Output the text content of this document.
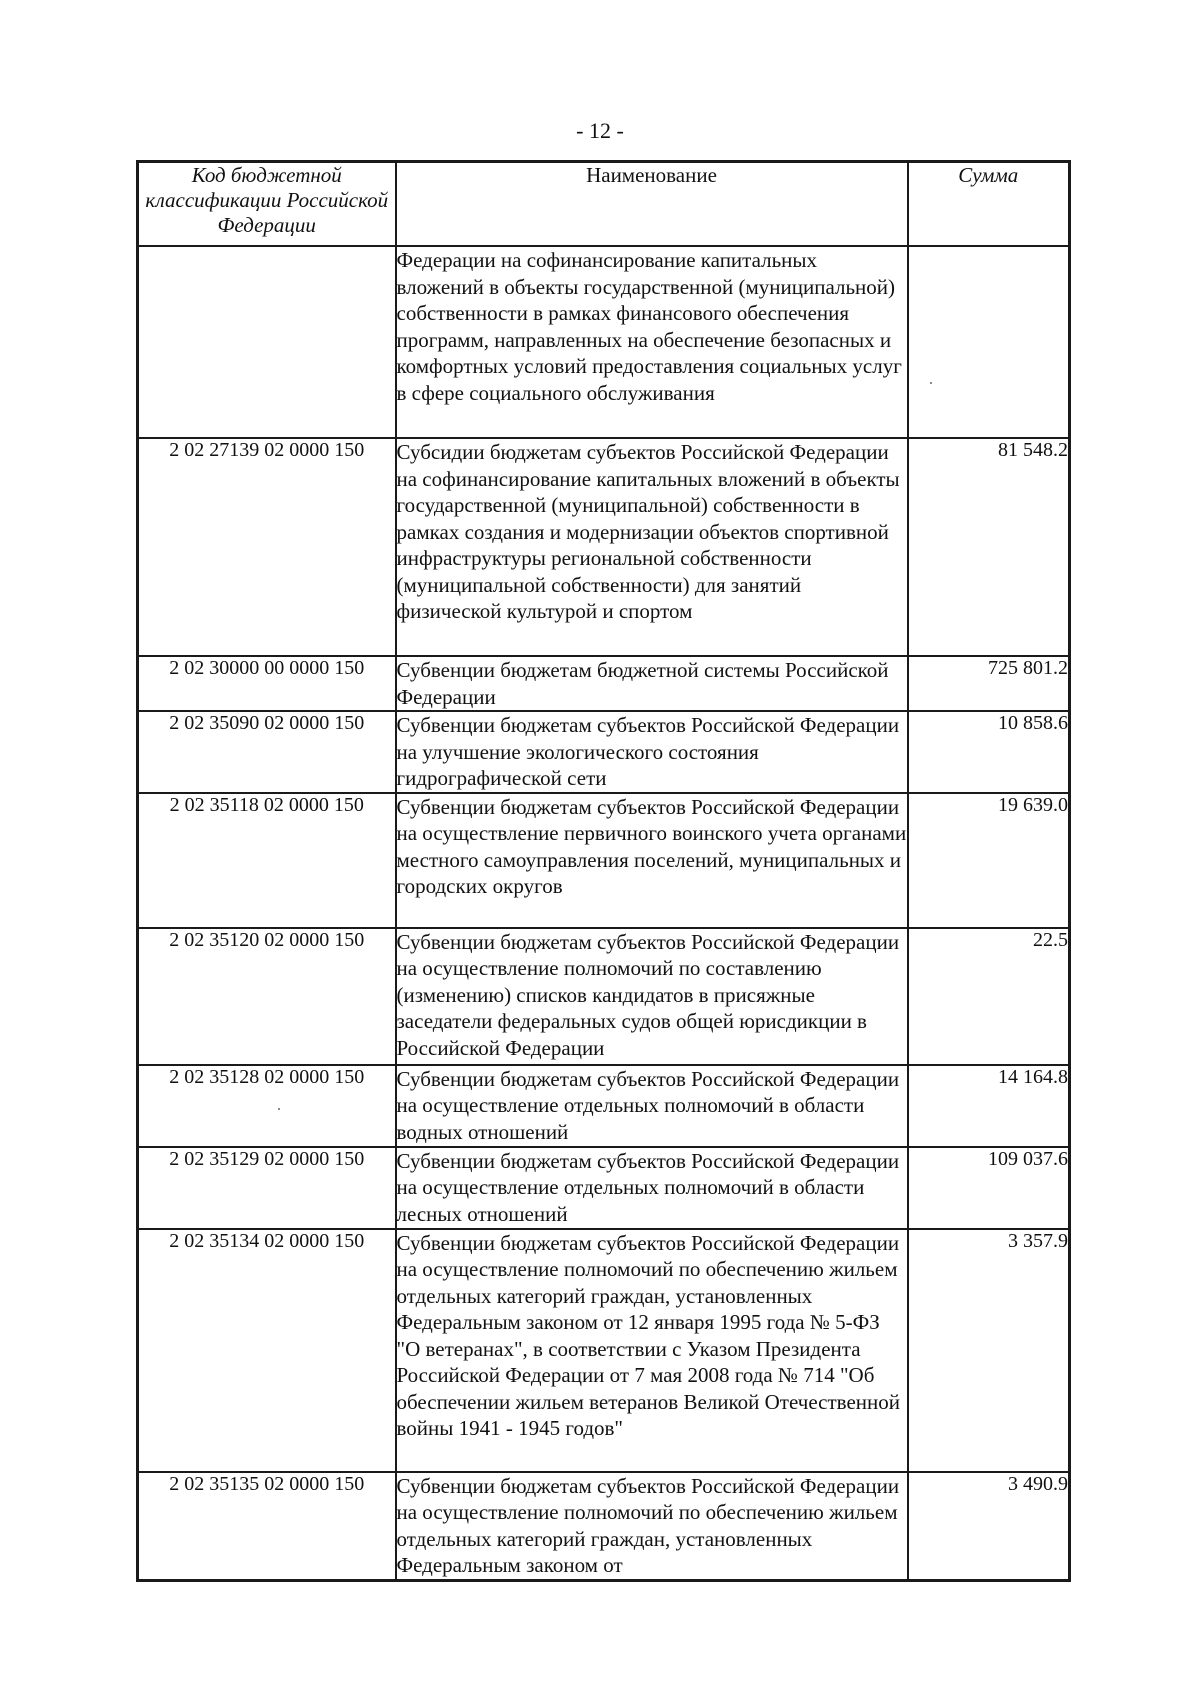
- 12 -
Код бюджетной классификации Российской Федерации	Наименование	Сумма
	Федерации на софинансирование капитальных вложений в объекты государственной (муниципальной) собственности в рамках финансового обеспечения программ, направленных на обеспечение безопасных и комфортных условий предоставления социальных услуг в сфере социального обслуживания	
2 02 27139 02 0000 150	Субсидии бюджетам субъектов Российской Федерации на софинансирование капитальных вложений в объекты государственной (муниципальной) собственности в рамках создания и модернизации объектов спортивной инфраструктуры региональной собственности (муниципальной собственности) для занятий физической культурой и спортом	81 548.2
2 02 30000 00 0000 150	Субвенции бюджетам бюджетной системы Российской Федерации	725 801.2
2 02 35090 02 0000 150	Субвенции бюджетам субъектов Российской Федерации на улучшение экологического состояния гидрографической сети	10 858.6
2 02 35118 02 0000 150	Субвенции бюджетам субъектов Российской Федерации на осуществление первичного воинского учета органами местного самоуправления поселений, муниципальных и городских округов	19 639.0
2 02 35120 02 0000 150	Субвенции бюджетам субъектов Российской Федерации на осуществление полномочий по составлению (изменению) списков кандидатов в присяжные заседатели федеральных судов общей юрисдикции в Российской Федерации	22.5
2 02 35128 02 0000 150	Субвенции бюджетам субъектов Российской Федерации на осуществление отдельных полномочий в области водных отношений	14 164.8
2 02 35129 02 0000 150	Субвенции бюджетам субъектов Российской Федерации на осуществление отдельных полномочий в области лесных отношений	109 037.6
2 02 35134 02 0000 150	Субвенции бюджетам субъектов Российской Федерации на осуществление полномочий по обеспечению жильем отдельных категорий граждан, установленных Федеральным законом от 12 января 1995 года № 5-ФЗ "О ветеранах", в соответствии с Указом Президента Российской Федерации от 7 мая 2008 года № 714 "Об обеспечении жильем ветеранов Великой Отечественной войны 1941 - 1945 годов"	3 357.9
2 02 35135 02 0000 150	Субвенции бюджетам субъектов Российской Федерации на осуществление полномочий по обеспечению жильем отдельных категорий граждан, установленных Федеральным законом от	3 490.9
